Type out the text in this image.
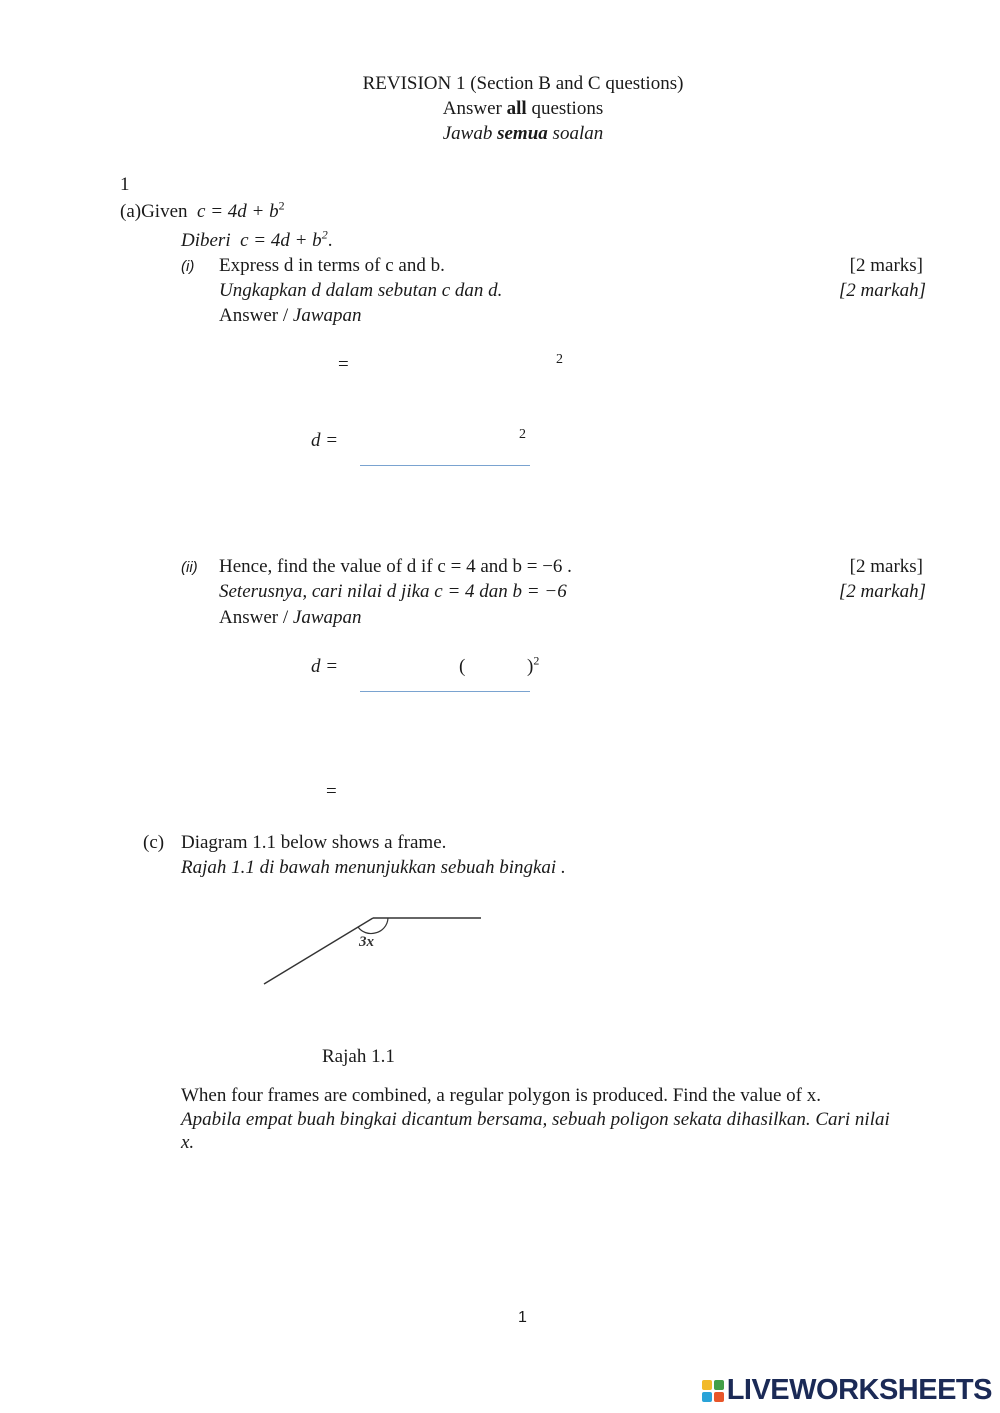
REVISION 1 (Section B and C questions)
Answer all questions
Jawab semua soalan
1
(a)Given $c = 4d + b^2$
Diberi $c = 4d + b^2$.
(i) Express d in terms of c and b.	[2 marks]
Ungkapkan d dalam sebutan c dan d.	[2 markah]
Answer / Jawapan
=	2
d =	2
(ii) Hence, find the value of d if c = 4 and b = −6 .	[2 marks]
Seterusnya, cari nilai d jika c = 4 dan b = −6	[2 markah]
Answer / Jawapan
d =	(	)$^2$
=
(c) Diagram 1.1 below shows a frame.
Rajah 1.1 di bawah menunjukkan sebuah bingkai .
3x
Rajah 1.1
When four frames are combined, a regular polygon is produced. Find the value of x.
Apabila empat buah bingkai dicantum bersama, sebuah poligon sekata dihasilkan. Cari nilai
x.
1
LIVEWORKSHEETS
